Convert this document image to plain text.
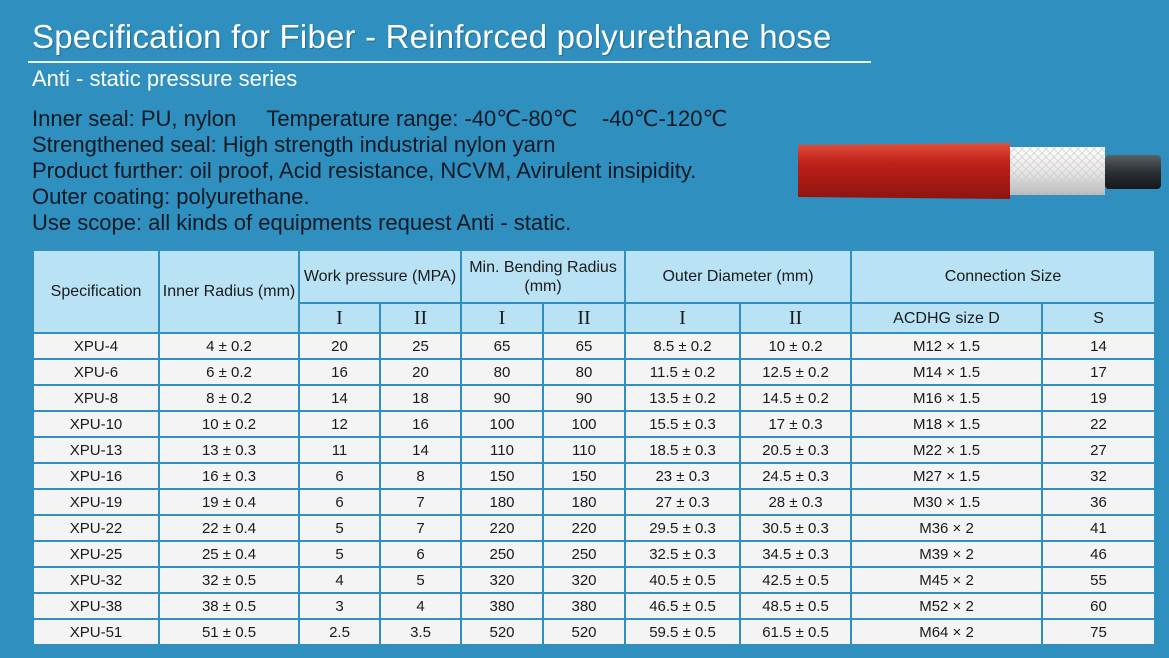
Specification for Fiber - Reinforced polyurethane hose
Anti - static pressure series
Inner seal: PU, nylon     Temperature range: -40℃-80℃    -40℃-120℃
Strengthened seal: High strength industrial nylon yarn
Product further: oil proof, Acid resistance, NCVM, Avirulent insipidity.
Outer coating: polyurethane.
Use scope: all kinds of equipments request Anti - static.
Specification	Inner Radius (mm)	Work pressure (MPA)		Min. Bending Radius (mm)		Outer Diameter (mm)		Connection Size	
		I	II	I	II	I	II	ACDHG size D	S
XPU-4	4 ± 0.2	20	25	65	65	8.5 ± 0.2	10 ± 0.2	M12 × 1.5	14
XPU-6	6 ± 0.2	16	20	80	80	11.5 ± 0.2	12.5 ± 0.2	M14 × 1.5	17
XPU-8	8 ± 0.2	14	18	90	90	13.5 ± 0.2	14.5 ± 0.2	M16 × 1.5	19
XPU-10	10 ± 0.2	12	16	100	100	15.5 ± 0.3	17 ± 0.3	M18 × 1.5	22
XPU-13	13 ± 0.3	11	14	110	110	18.5 ± 0.3	20.5 ± 0.3	M22 × 1.5	27
XPU-16	16 ± 0.3	6	8	150	150	23 ± 0.3	24.5 ± 0.3	M27 × 1.5	32
XPU-19	19 ± 0.4	6	7	180	180	27 ± 0.3	28 ± 0.3	M30 × 1.5	36
XPU-22	22 ± 0.4	5	7	220	220	29.5 ± 0.3	30.5 ± 0.3	M36 × 2	41
XPU-25	25 ± 0.4	5	6	250	250	32.5 ± 0.3	34.5 ± 0.3	M39 × 2	46
XPU-32	32 ± 0.5	4	5	320	320	40.5 ± 0.5	42.5 ± 0.5	M45 × 2	55
XPU-38	38 ± 0.5	3	4	380	380	46.5 ± 0.5	48.5 ± 0.5	M52 × 2	60
XPU-51	51 ± 0.5	2.5	3.5	520	520	59.5 ± 0.5	61.5 ± 0.5	M64 × 2	75
